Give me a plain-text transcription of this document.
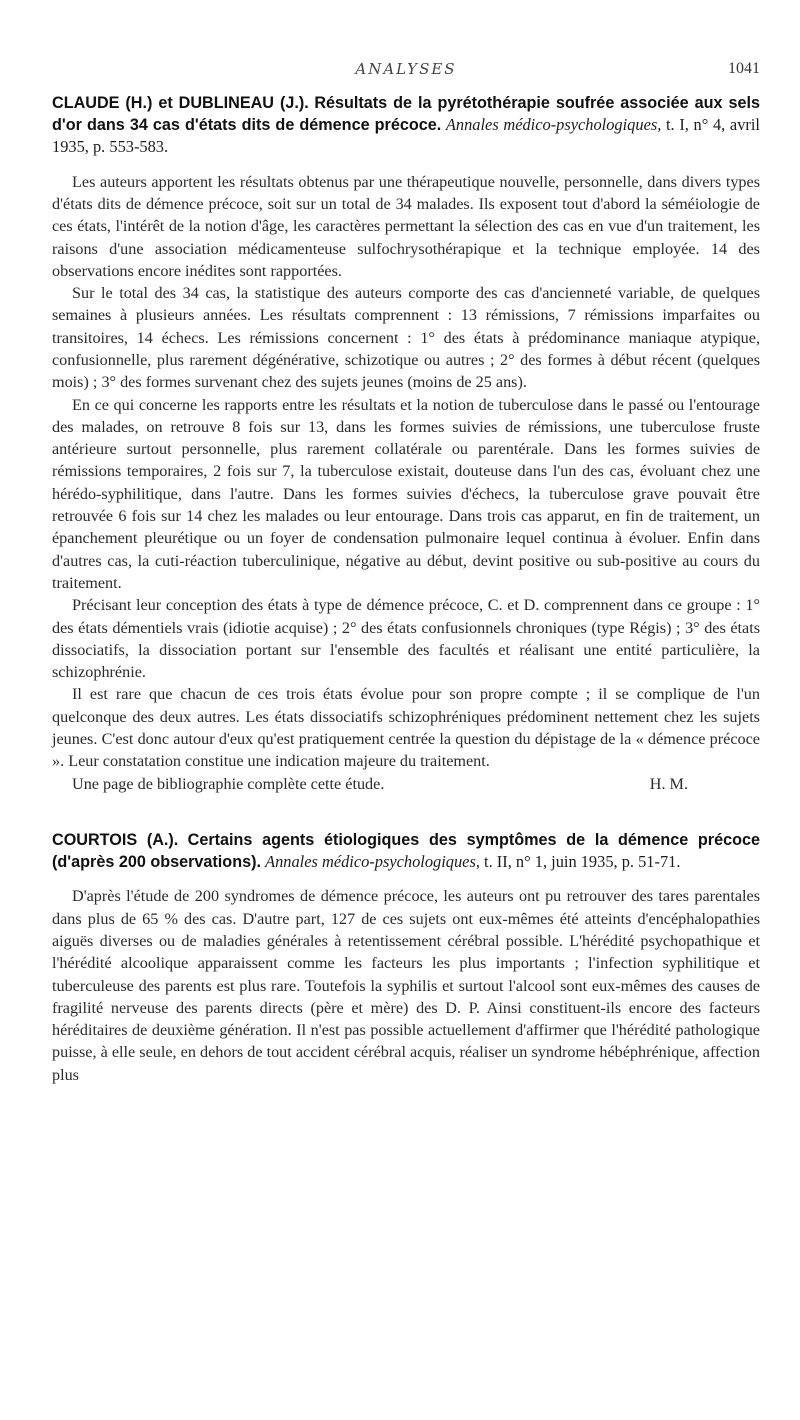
ANALYSES	1041

CLAUDE (H.) et DUBLINEAU (J.). Résultats de la pyrétothérapie soufrée associée aux sels d'or dans 34 cas d'états dits de démence précoce. Annales médico-psychologiques, t. I, n° 4, avril 1935, p. 553-583.

Les auteurs apportent les résultats obtenus par une thérapeutique nouvelle, personnelle, dans divers types d'états dits de démence précoce, soit sur un total de 34 malades. Ils exposent tout d'abord la séméiologie de ces états, l'intérêt de la notion d'âge, les caractères permettant la sélection des cas en vue d'un traitement, les raisons d'une association médicamenteuse sulfochrysothérapique et la technique employée. 14 des observations encore inédites sont rapportées.

Sur le total des 34 cas, la statistique des auteurs comporte des cas d'ancienneté variable, de quelques semaines à plusieurs années. Les résultats comprennent : 13 rémissions, 7 rémissions imparfaites ou transitoires, 14 échecs. Les rémissions concernent : 1° des états à prédominance maniaque atypique, confusionnelle, plus rarement dégénérative, schizotique ou autres ; 2° des formes à début récent (quelques mois) ; 3° des formes survenant chez des sujets jeunes (moins de 25 ans).

En ce qui concerne les rapports entre les résultats et la notion de tuberculose dans le passé ou l'entourage des malades, on retrouve 8 fois sur 13, dans les formes suivies de rémissions, une tuberculose fruste antérieure surtout personnelle, plus rarement collatérale ou parentérale. Dans les formes suivies de rémissions temporaires, 2 fois sur 7, la tuberculose existait, douteuse dans l'un des cas, évoluant chez une hérédo-syphilitique, dans l'autre. Dans les formes suivies d'échecs, la tuberculose grave pouvait être retrouvée 6 fois sur 14 chez les malades ou leur entourage. Dans trois cas apparut, en fin de traitement, un épanchement pleurétique ou un foyer de condensation pulmonaire lequel continua à évoluer. Enfin dans d'autres cas, la cuti-réaction tuberculinique, négative au début, devint positive ou sub-positive au cours du traitement.

Précisant leur conception des états à type de démence précoce, C. et D. comprennent dans ce groupe : 1° des états démentiels vrais (idiotie acquise) ; 2° des états confusionnels chroniques (type Régis) ; 3° des états dissociatifs, la dissociation portant sur l'ensemble des facultés et réalisant une entité particulière, la schizophrénie.

Il est rare que chacun de ces trois états évolue pour son propre compte ; il se complique de l'un quelconque des deux autres. Les états dissociatifs schizophréniques prédominent nettement chez les sujets jeunes. C'est donc autour d'eux qu'est pratiquement centrée la question du dépistage de la « démence précoce ». Leur constatation constitue une indication majeure du traitement.

Une page de bibliographie complète cette étude.	H. M.

COURTOIS (A.). Certains agents étiologiques des symptômes de la démence précoce (d'après 200 observations). Annales médico-psychologiques, t. II, n° 1, juin 1935, p. 51-71.

D'après l'étude de 200 syndromes de démence précoce, les auteurs ont pu retrouver des tares parentales dans plus de 65 % des cas. D'autre part, 127 de ces sujets ont eux-mêmes été atteints d'encéphalopathies aiguës diverses ou de maladies générales à retentissement cérébral possible. L'hérédité psychopathique et l'hérédité alcoolique apparaissent comme les facteurs les plus importants ; l'infection syphilitique et tuberculeuse des parents est plus rare. Toutefois la syphilis et surtout l'alcool sont eux-mêmes des causes de fragilité nerveuse des parents directs (père et mère) des D. P. Ainsi constituent-ils encore des facteurs héréditaires de deuxième génération. Il n'est pas possible actuellement d'affirmer que l'hérédité pathologique puisse, à elle seule, en dehors de tout accident cérébral acquis, réaliser un syndrome hébéphrénique, affection plus
